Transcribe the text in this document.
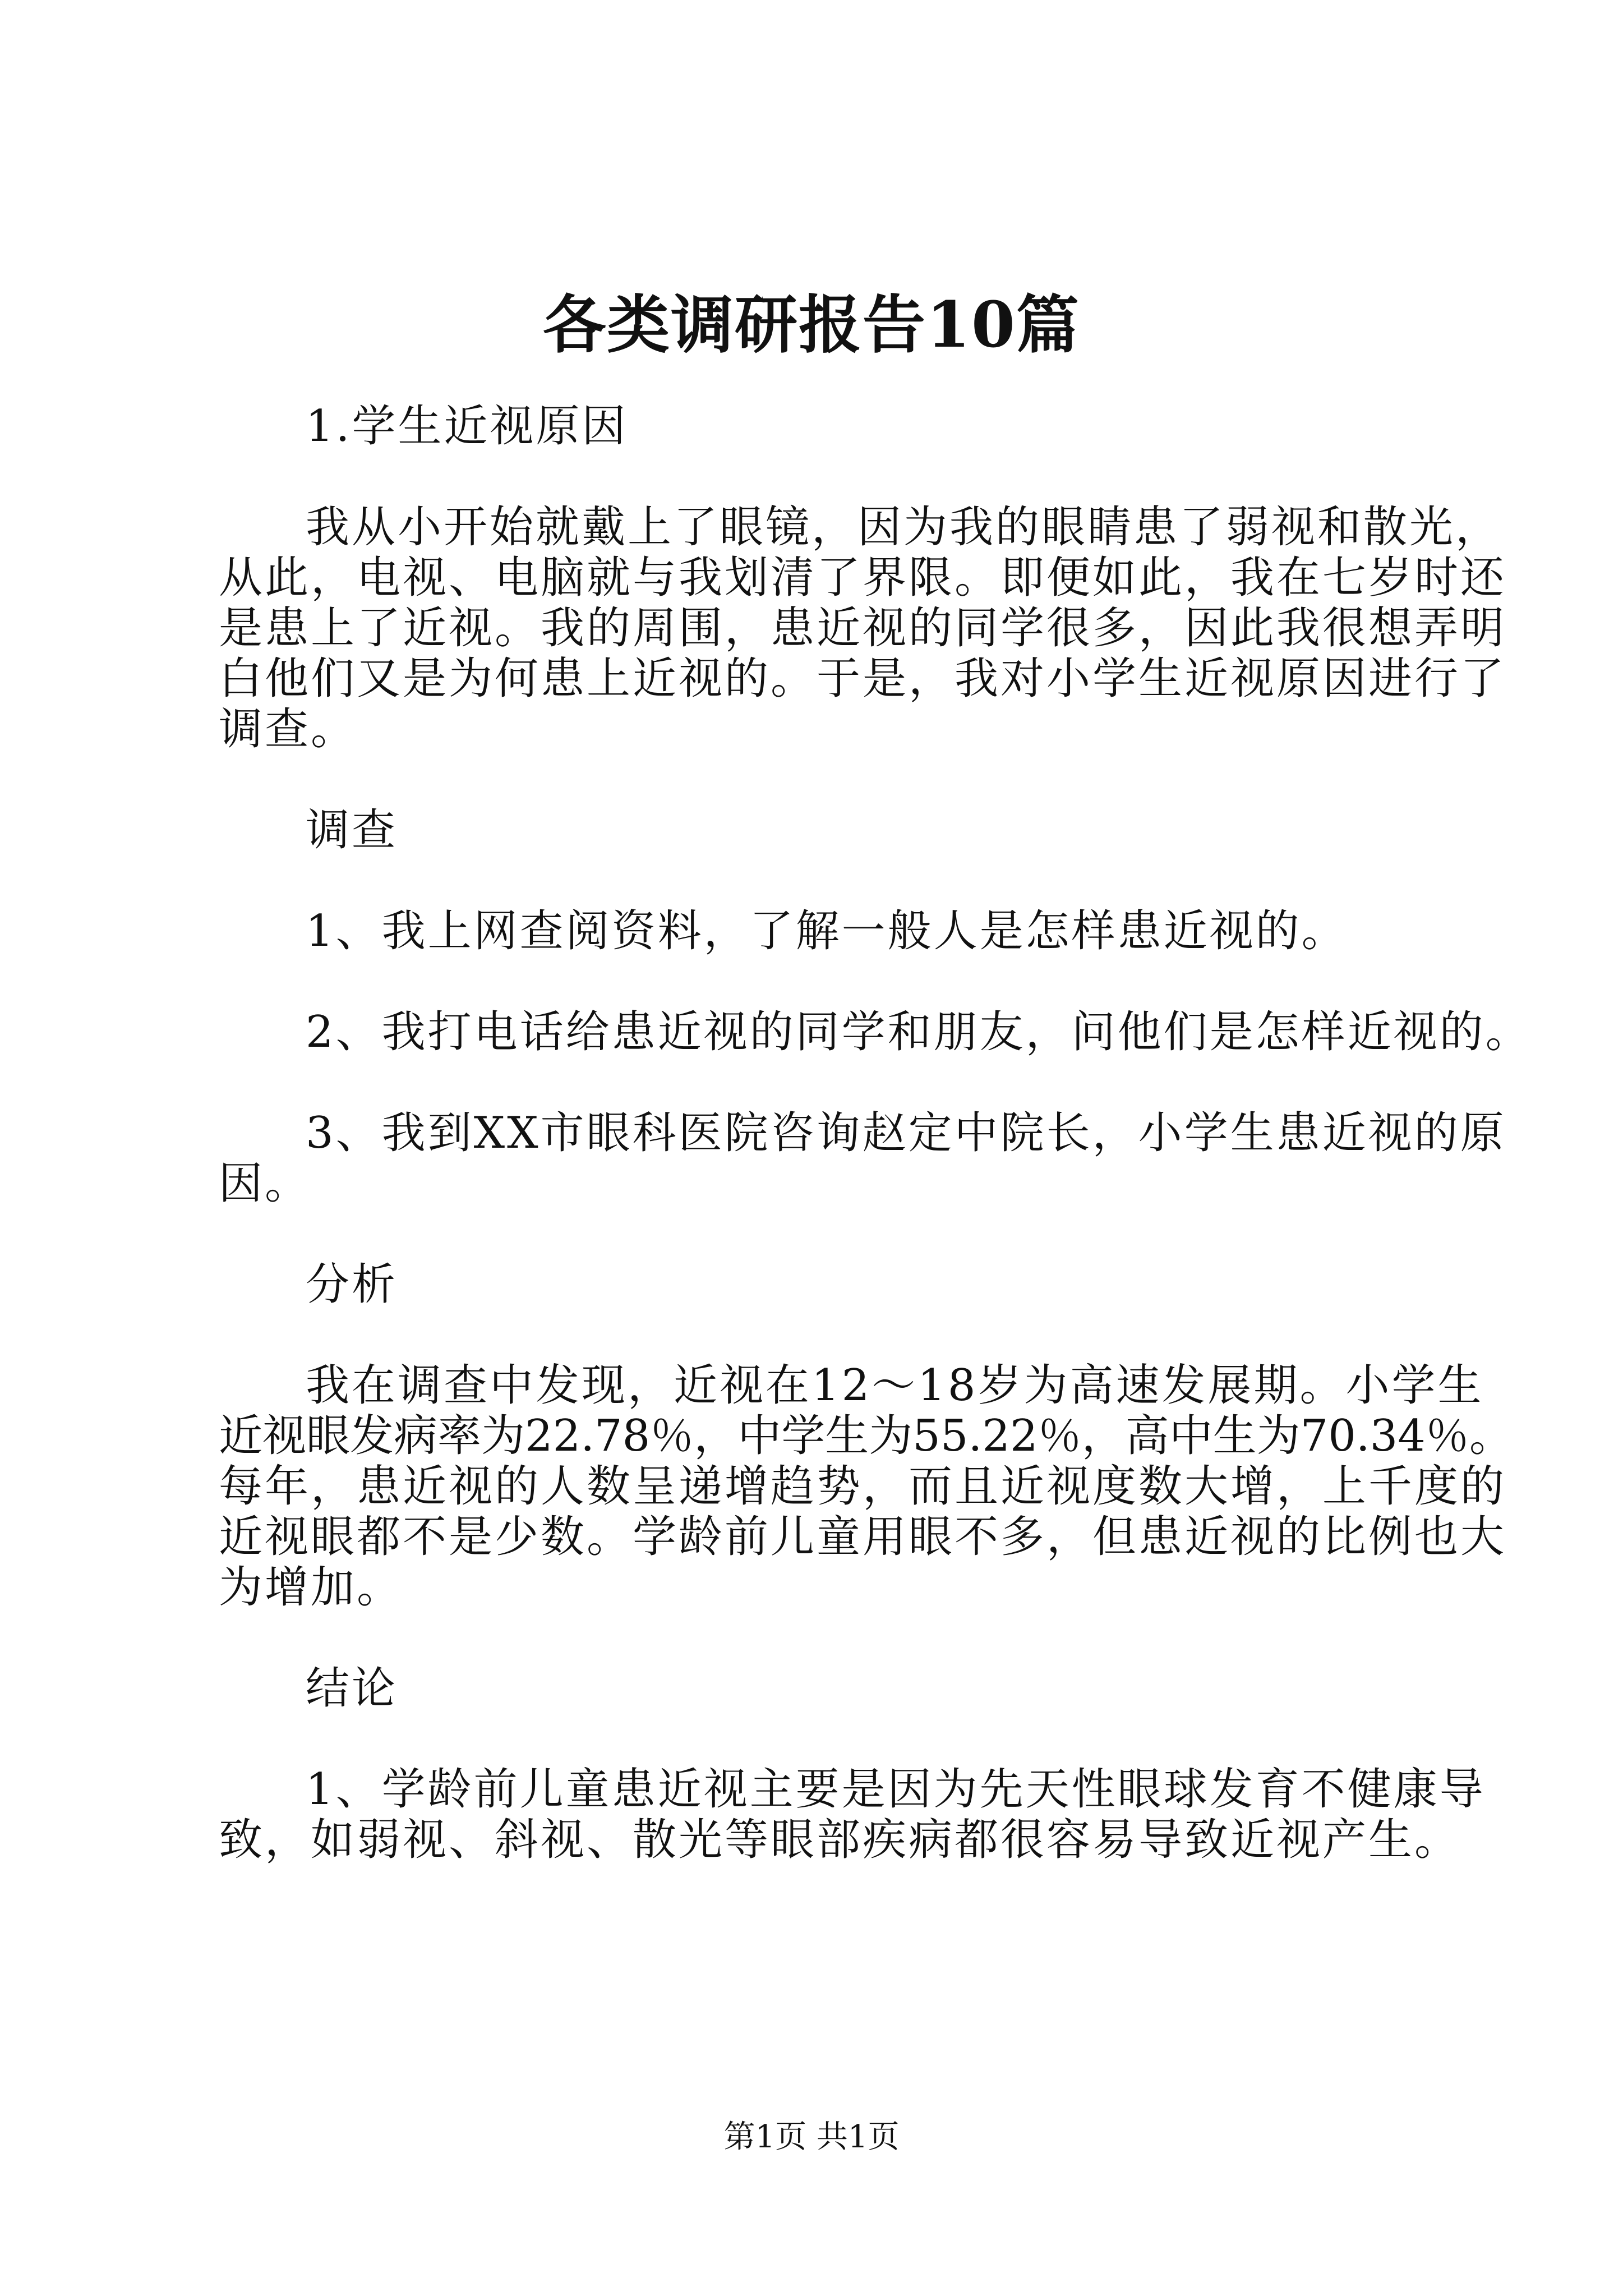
各类调研报告10篇
1.学生近视原因
我从小开始就戴上了眼镜，因为我的眼睛患了弱视和散光，
从此，电视、电脑就与我划清了界限。即便如此，我在七岁时还
是患上了近视。我的周围，患近视的同学很多，因此我很想弄明
白他们又是为何患上近视的。于是，我对小学生近视原因进行了
调查。
调查
1、我上网查阅资料，了解一般人是怎样患近视的。
2、我打电话给患近视的同学和朋友，问他们是怎样近视的。
3、我到XX市眼科医院咨询赵定中院长，小学生患近视的原
因。
分析
我在调查中发现，近视在12～18岁为高速发展期。小学生
近视眼发病率为22.78％，中学生为55.22％，高中生为70.34％。
每年，患近视的人数呈递增趋势，而且近视度数大增，上千度的
近视眼都不是少数。学龄前儿童用眼不多，但患近视的比例也大
为增加。
结论
1、学龄前儿童患近视主要是因为先天性眼球发育不健康导
致，如弱视、斜视、散光等眼部疾病都很容易导致近视产生。
第1页 共1页
